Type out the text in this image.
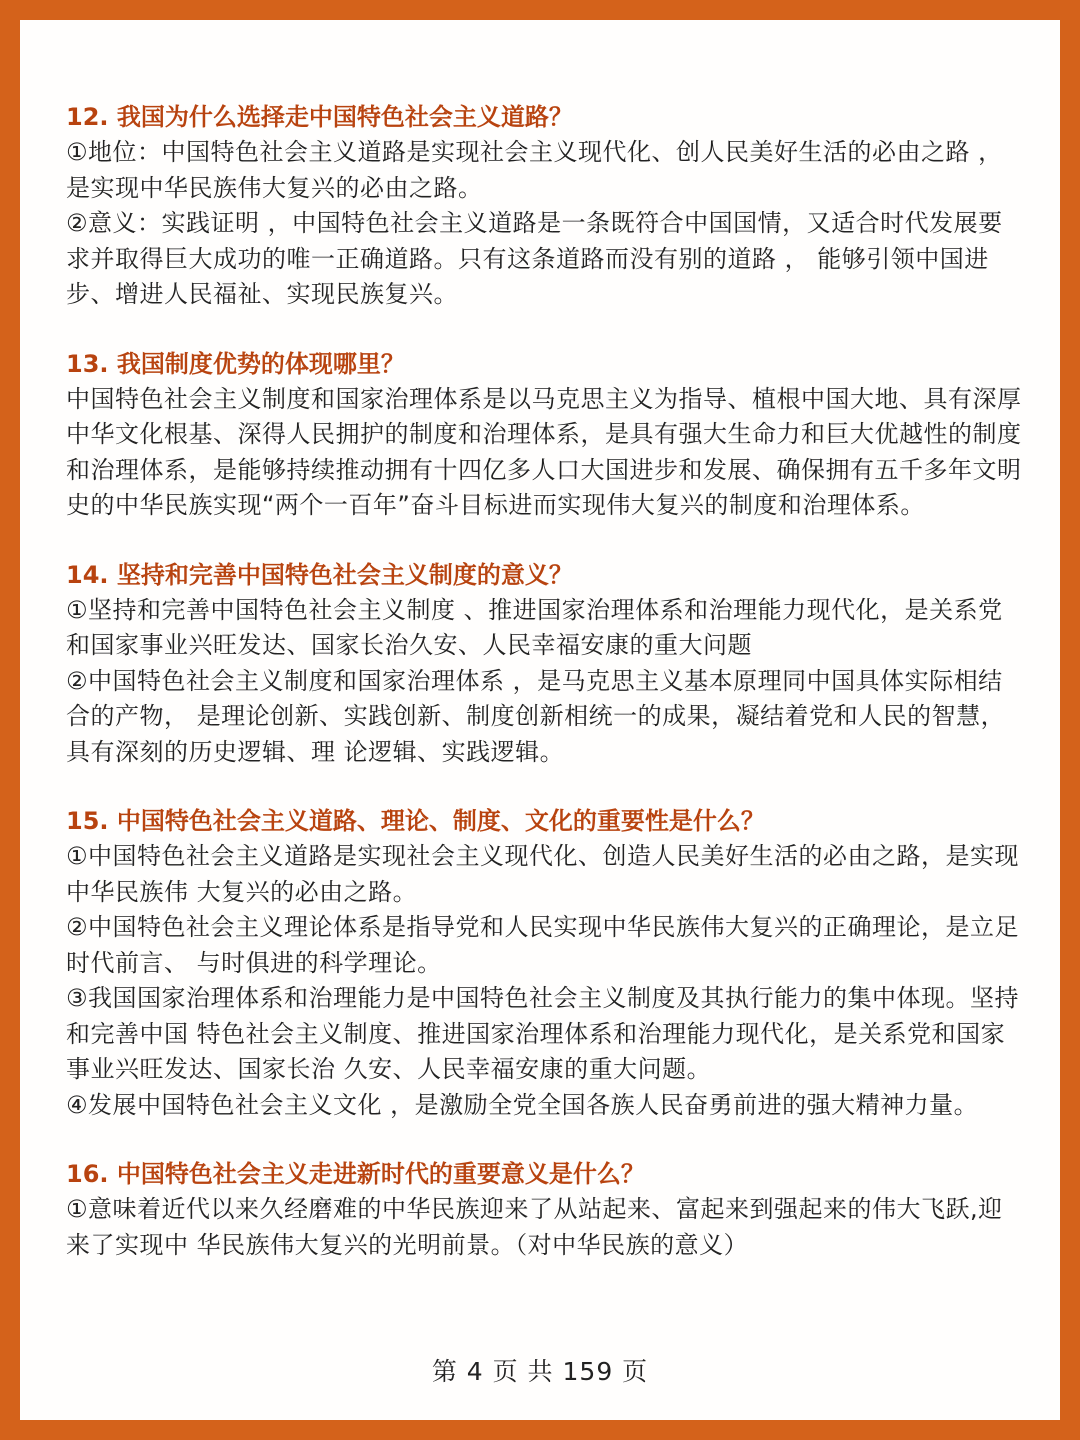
12. 我国为什么选择走中国特色社会主义道路？

①地位：中国特色社会主义道路是实现社会主义现代化、创人民美好生活的必由之路 ， 是实现中华民族伟大复兴的必由之路。

②意义：实践证明 ，中国特色社会主义道路是一条既符合中国国情，又适合时代发展要求并取得巨大成功的唯一正确道路。只有这条道路而没有别的道路 ， 能够引领中国进步、增进人民福祉、实现民族复兴。

13. 我国制度优势的体现哪里？

中国特色社会主义制度和国家治理体系是以马克思主义为指导、植根中国大地、具有深厚中华文化根基、深得人民拥护的制度和治理体系，是具有强大生命力和巨大优越性的制度和治理体系，是能够持续推动拥有十四亿多人口大国进步和发展、确保拥有五千多年文明史的中华民族实现“两个一百年”奋斗目标进而实现伟大复兴的制度和治理体系。

14. 坚持和完善中国特色社会主义制度的意义？

①坚持和完善中国特色社会主义制度 、推进国家治理体系和治理能力现代化，是关系党和国家事业兴旺发达、国家长治久安、人民幸福安康的重大问题

②中国特色社会主义制度和国家治理体系 ，是马克思主义基本原理同中国具体实际相结合的产物， 是理论创新、实践创新、制度创新相统一的成果，凝结着党和人民的智慧，具有深刻的历史逻辑、理 论逻辑、实践逻辑。

15. 中国特色社会主义道路、理论、制度、文化的重要性是什么？

①中国特色社会主义道路是实现社会主义现代化、创造人民美好生活的必由之路，是实现中华民族伟 大复兴的必由之路。

②中国特色社会主义理论体系是指导党和人民实现中华民族伟大复兴的正确理论，是立足时代前言、 与时俱进的科学理论。

③我国国家治理体系和治理能力是中国特色社会主义制度及其执行能力的集中体现。坚持和完善中国 特色社会主义制度、推进国家治理体系和治理能力现代化，是关系党和国家事业兴旺发达、国家长治 久安、人民幸福安康的重大问题。

④发展中国特色社会主义文化 ，是激励全党全国各族人民奋勇前进的强大精神力量。

16. 中国特色社会主义走进新时代的重要意义是什么？

①意味着近代以来久经磨难的中华民族迎来了从站起来、富起来到强起来的伟大飞跃,迎来了实现中 华民族伟大复兴的光明前景。（对中华民族的意义）

第 4 页 共 159 页
